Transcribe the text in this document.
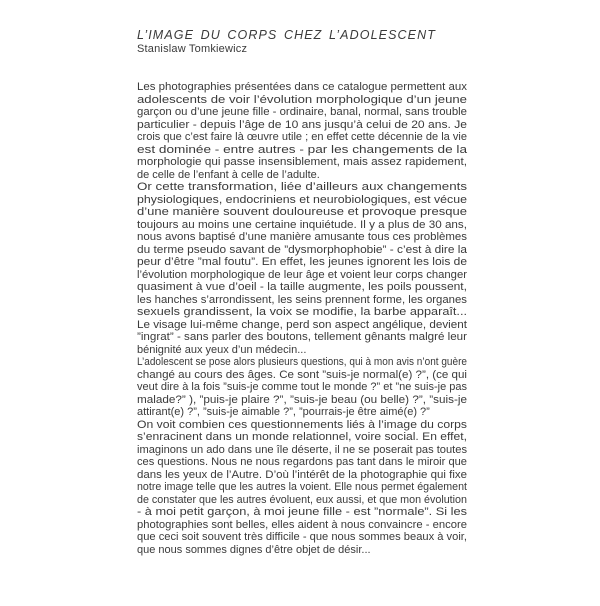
L’IMAGE DU CORPS CHEZ L’ADOLESCENT
Stanislaw Tomkiewicz
Les photographies présentées dans ce catalogue permettent aux
adolescents de voir l’évolution morphologique d’un jeune
garçon ou d’une jeune fille - ordinaire, banal, normal, sans trouble
particulier - depuis l’âge de 10 ans jusqu’à celui de 20 ans. Je
crois que c’est faire là œuvre utile ; en effet cette décennie de la vie
est dominée - entre autres - par les changements de la
morphologie qui passe insensiblement, mais assez rapidement,
de celle de l’enfant à celle de l’adulte.
Or cette transformation, liée d’ailleurs aux changements
physiologiques, endocriniens et neurobiologiques, est vécue
d’une manière souvent douloureuse et provoque presque
toujours au moins une certaine inquiétude. Il y a plus de 30 ans,
nous avons baptisé d’une manière amusante tous ces problèmes
du terme pseudo savant de ”dysmorphophobie” - c’est à dire la
peur d’être ”mal foutu”. En effet, les jeunes ignorent les lois de
l’évolution morphologique de leur âge et voient leur corps changer
quasiment à vue d’oeil - la taille augmente, les poils poussent,
les hanches s’arrondissent, les seins prennent forme, les organes
sexuels grandissent, la voix se modifie, la barbe apparaît...
Le visage lui-même change, perd son aspect angélique, devient
”ingrat” - sans parler des boutons, tellement gênants malgré leur
bénignité aux yeux d’un médecin...
L’adolescent se pose alors plusieurs questions, qui à mon avis n’ont guère
changé au cours des âges. Ce sont ”suis-je normal(e) ?”, (ce qui
veut dire à la fois ”suis-je comme tout le monde ?” et ”ne suis-je pas
malade?” ), ”puis-je plaire ?”, ”suis-je beau (ou belle) ?”, ”suis-je
attirant(e) ?”, ”suis-je aimable ?”, ”pourrais-je être aimé(e) ?”
On voit combien ces questionnements liés à l’image du corps
s’enracinent dans un monde relationnel, voire social. En effet,
imaginons un ado dans une île déserte, il ne se poserait pas toutes
ces questions. Nous ne nous regardons pas tant dans le miroir que
dans les yeux de l’Autre. D’où l’intérêt de la photographie qui fixe
notre image telle que les autres la voient. Elle nous permet également
de constater que les autres évoluent, eux aussi, et que mon évolution
- à moi petit garçon, à moi jeune fille - est ”normale”. Si les
photographies sont belles, elles aident à nous convaincre - encore
que ceci soit souvent très difficile - que nous sommes beaux à voir,
que nous sommes dignes d’être objet de désir...
